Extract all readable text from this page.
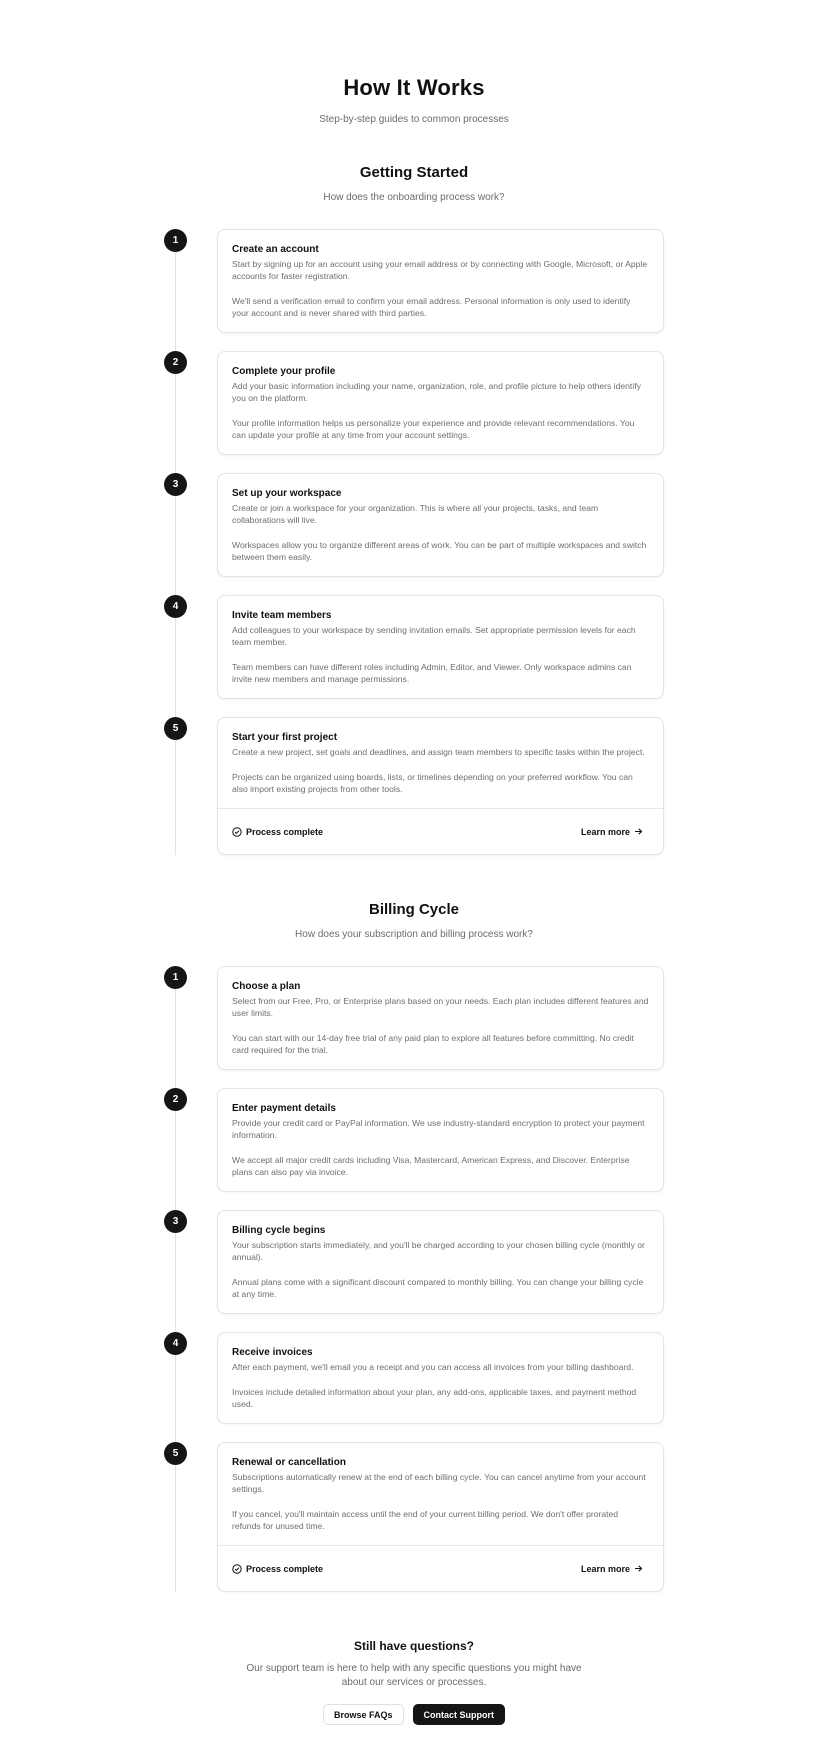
How It Works

Step-by-step guides to common processes

Getting Started

How does the onboarding process work?

1
Create an account

Start by signing up for an account using your email address or by connecting with Google, Microsoft, or Apple accounts for faster registration.

We'll send a verification email to confirm your email address. Personal information is only used to identify your account and is never shared with third parties.

2
Complete your profile

Add your basic information including your name, organization, role, and profile picture to help others identify you on the platform.

Your profile information helps us personalize your experience and provide relevant recommendations. You can update your profile at any time from your account settings.

3
Set up your workspace

Create or join a workspace for your organization. This is where all your projects, tasks, and team collaborations will live.

Workspaces allow you to organize different areas of work. You can be part of multiple workspaces and switch between them easily.

4
Invite team members

Add colleagues to your workspace by sending invitation emails. Set appropriate permission levels for each team member.

Team members can have different roles including Admin, Editor, and Viewer. Only workspace admins can invite new members and manage permissions.

5
Start your first project

Create a new project, set goals and deadlines, and assign team members to specific tasks within the project.

Projects can be organized using boards, lists, or timelines depending on your preferred workflow. You can also import existing projects from other tools.

Process complete	Learn more
Billing Cycle

How does your subscription and billing process work?

1
Choose a plan

Select from our Free, Pro, or Enterprise plans based on your needs. Each plan includes different features and user limits.

You can start with our 14-day free trial of any paid plan to explore all features before committing. No credit card required for the trial.

2
Enter payment details

Provide your credit card or PayPal information. We use industry-standard encryption to protect your payment information.

We accept all major credit cards including Visa, Mastercard, American Express, and Discover. Enterprise plans can also pay via invoice.

3
Billing cycle begins

Your subscription starts immediately, and you'll be charged according to your chosen billing cycle (monthly or annual).

Annual plans come with a significant discount compared to monthly billing. You can change your billing cycle at any time.

4
Receive invoices

After each payment, we'll email you a receipt and you can access all invoices from your billing dashboard.

Invoices include detailed information about your plan, any add-ons, applicable taxes, and payment method used.

5
Renewal or cancellation

Subscriptions automatically renew at the end of each billing cycle. You can cancel anytime from your account settings.

If you cancel, you'll maintain access until the end of your current billing period. We don't offer prorated refunds for unused time.

Process complete	Learn more
Still have questions?

Our support team is here to help with any specific questions you might have about our services or processes.

Browse FAQs	Contact Support
